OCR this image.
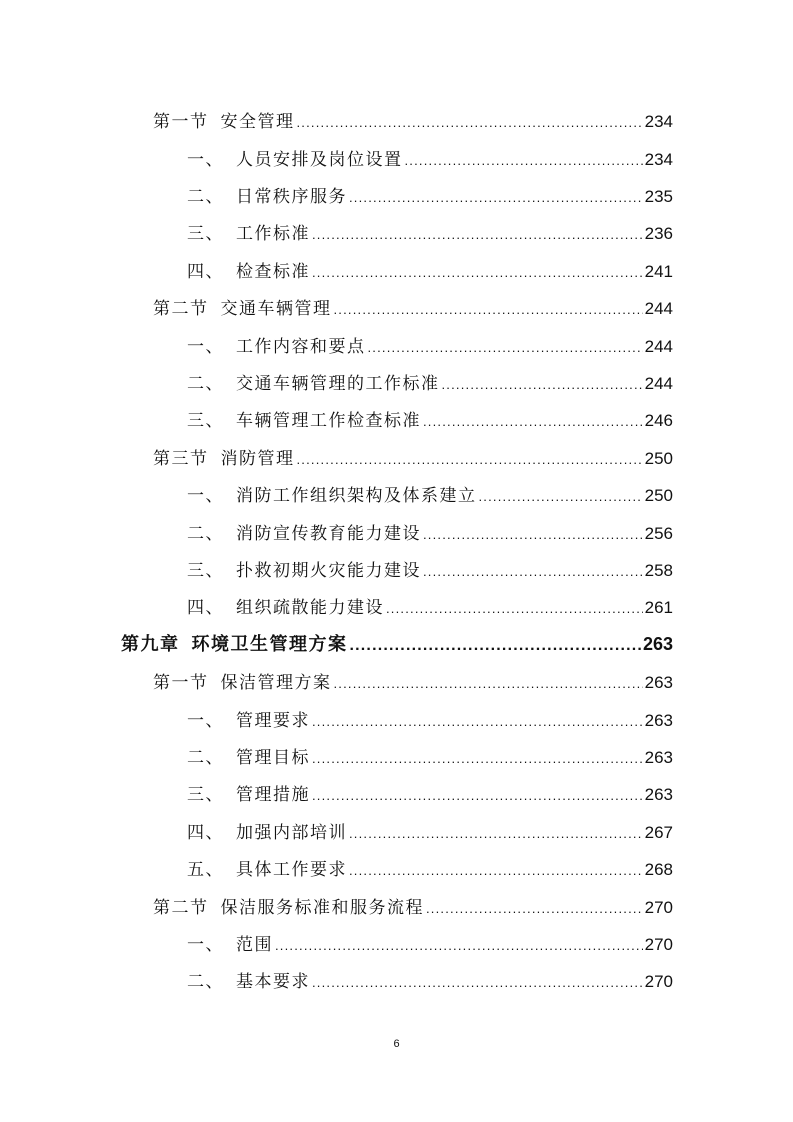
第一节 安全管理 .....	234
一、 人员安排及岗位设置 .....	234
二、 日常秩序服务 .....	235
三、 工作标准 .....	236
四、 检查标准 .....	241
第二节 交通车辆管理 .....	244
一、 工作内容和要点 .....	244
二、 交通车辆管理的工作标准 .....	244
三、 车辆管理工作检查标准 .....	246
第三节 消防管理 .....	250
一、 消防工作组织架构及体系建立 .....	250
二、 消防宣传教育能力建设 .....	256
三、 扑救初期火灾能力建设 .....	258
四、 组织疏散能力建设 .....	261
第九章 环境卫生管理方案 .....	263
第一节 保洁管理方案 .....	263
一、 管理要求 .....	263
二、 管理目标 .....	263
三、 管理措施 .....	263
四、 加强内部培训 .....	267
五、 具体工作要求 .....	268
第二节 保洁服务标准和服务流程 .....	270
一、 范围 .....	270
二、 基本要求 .....	270
6
